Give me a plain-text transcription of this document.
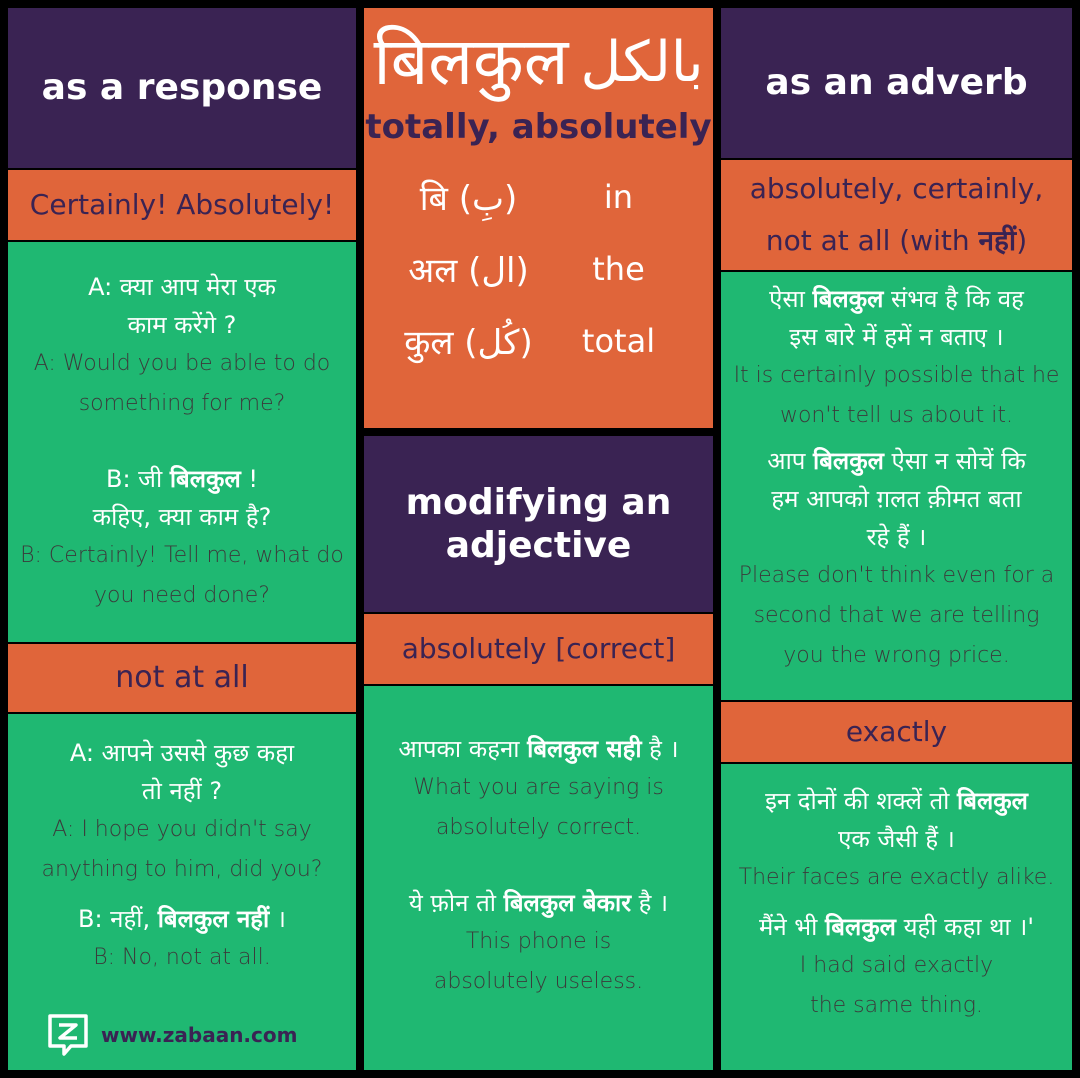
as a response
Certainly! Absolutely!

A: क्या आप मेरा एक

काम करेंगे ?

A: Would you be able to do

something for me?

B: जी बिलकुल !

कहिए, क्या काम है?

B: Certainly! Tell me, what do

you need done?

not at all

A: आपने उससे कुछ कहा

तो नहीं ?

A: I hope you didn't say

anything to him, did you?

B: नहीं, बिलकुल नहीं ।

B: No, not at all.

www.zabaan.com
बिलकुल بالکل
totally, absolutely
बि (بِ)	in
अल (ال)	the
कुल (کُل)	total
modifying an
adjective
absolutely [correct]

आपका कहना बिलकुल सही है ।

What you are saying is

absolutely correct.

ये फ़ोन तो बिलकुल बेकार है ।

This phone is

absolutely useless.

as an adverb
absolutely, certainly,
not at all (with नहीं)

ऐसा बिलकुल संभव है कि वह

इस बारे में हमें न बताए ।

It is certainly possible that he

won't tell us about it.

आप बिलकुल ऐसा न सोचें कि

हम आपको ग़लत क़ीमत बता

रहे हैं ।

Please don't think even for a

second that we are telling

you the wrong price.

exactly

इन दोनों की शक्लें तो बिलकुल

एक जैसी हैं ।

Their faces are exactly alike.

मैंने भी बिलकुल यही कहा था ।'

I had said exactly

the same thing.
